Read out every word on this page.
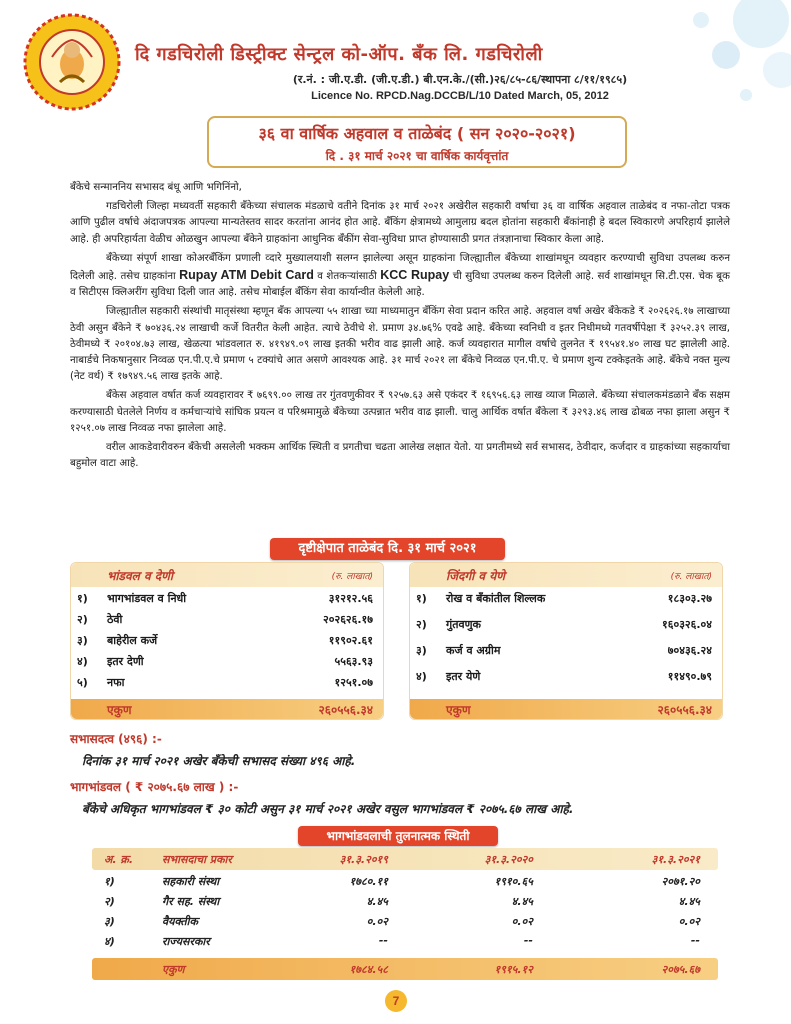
दि गडचिरोली डिस्ट्रीक्ट सेन्ट्रल को-ऑप. बँक लि. गडचिरोली
(र.नं. : जी.ए.डी. (जी.ए.डी.) बी.एन.के./(सी.)२६/८५-८६/स्थापना ८/११/१९८५)
Licence No. RPCD.Nag.DCCB/L/10 Dated March, 05, 2012
३६ वा वार्षिक अहवाल व ताळेबंद ( सन २०२०-२०२१)
दि . ३१ मार्च २०२१ चा वार्षिक कार्यवृत्तांत

बँकेचे सन्माननिय सभासद बंधू आणि भगिनिंनो,

गडचिरोली जिल्हा मध्यवर्ती सहकारी बँकेच्या संचालक मंडळाचे वतीने दिनांक ३१ मार्च २०२१ अखेरील सहकारी वर्षाचा ३६ वा वार्षिक अहवाल ताळेबंद व नफा-तोटा पत्रक आणि पुढील वर्षाचे अंदाजपत्रक आपल्या मान्यतेस्तव सादर करतांना आनंद होत आहे. बँकिंग क्षेत्रामध्ये आमुलाग्र बदल होतांना सहकारी बँकांनाही हे बदल स्विकारणे अपरिहार्य झालेले आहे. ही अपरिहार्यता वेळीच ओळखुन आपल्या बँकेने ग्राहकांना आधुनिक बँकींग सेवा-सुविधा प्राप्त होण्यासाठी प्रगत तंत्रज्ञानाचा स्विकार केला आहे.

बँकेच्या संपूर्ण शाखा कोअरबँकिंग प्रणाली व्दारे मुख्यालयाशी सलग्न झालेल्या असून ग्राहकांना जिल्ह्यातील बँकेच्या शाखांमधून व्यवहार करण्याची सुविधा उपलब्ध करुन दिलेली आहे. तसेच ग्राहकांना Rupay ATM Debit Card व शेतकऱ्यांसाठी KCC Rupay ची सुविधा उपलब्ध करुन दिलेली आहे. सर्व शाखांमधून सि.टी.एस. चेक बूक व सिटीएस क्लिअरींग सुविधा दिली जात आहे. तसेच मोबाईल बँकिंग सेवा कार्यान्वीत केलेली आहे.

जिल्ह्यातील सहकारी संस्थांची मातृसंस्था म्हणून बँक आपल्या ५५ शाखा च्या माध्यमातुन बँकिंग सेवा प्रदान करित आहे. अहवाल वर्षा अखेर बँकेकडे ₹ २०२६२६.१७ लाखाच्या ठेवी असुन बँकेने ₹ ७०४३६.२४ लाखाची कर्जे वितरीत केली आहेत. त्याचे ठेवीचे शे. प्रमाण ३४.७६% एवढे आहे. बँकेच्या स्वनिधी व इतर निधीमध्ये गतवर्षीपेक्षा ₹ ३२५२.३९ लाख, ठेवीमध्ये ₹ २०१०४.७३ लाख, खेळत्या भांडवलात रु. ४१९४९.०९ लाख इतकी भरीव वाढ झाली आहे. कर्ज व्यवहारात मागील वर्षाचे तुलनेत ₹ १९५४१.४० लाख घट झालेली आहे. नाबार्डचे निकषानुसार निव्वळ एन.पी.ए.चे प्रमाण ५ टक्यांचे आत असणे आवश्यक आहे. ३१ मार्च २०२१ ला बँकेचे निव्वळ एन.पी.ए. चे प्रमाण शुन्य टक्केइतके आहे. बँकेचे नक्त मुल्य (नेट वर्थ) ₹ १७९४९.५६ लाख इतके आहे.

बँकेस अहवाल वर्षात कर्ज व्यवहारावर ₹ ७६९९.०० लाख तर गुंतवणुकीवर ₹ ९२५७.६३ असे एकंदर ₹ १६९५६.६३ लाख व्याज मिळाले. बँकेच्या संचालकमंडळाने बँक सक्षम करण्यासाठी घेतलेले निर्णय व कर्मचाऱ्यांचे सांघिक प्रयत्न व परिश्रमामुळे बँकेच्या उत्पन्नात भरीव वाढ झाली. चालु आर्थिक वर्षात बँकेला ₹ ३२९३.४६ लाख ढोबळ नफा झाला असुन ₹ १२५१.०७ लाख निव्वळ नफा झालेला आहे.

वरील आकडेवारीवरुन बँकेची असलेली भक्कम आर्थिक स्थिती व प्रगतीचा चढता आलेख लक्षात येतो. या प्रगतीमध्ये सर्व सभासद, ठेवीदार, कर्जदार व ग्राहकांच्या सहकार्याचा बहुमोल वाटा आहे.

दृष्टीक्षेपात ताळेबंद दि. ३१ मार्च २०२१
भांडवल व देणी	(रु. लाखात)
१) भागभांडवल व निधी	३१२१२.५६
२) ठेवी	२०२६२६.१७
३) बाहेरील कर्जे	११९०२.६१
४) इतर देणी	५५६३.९३
५) नफा	१२५१.०७
एकुण	२६०५५६.३४
जिंदगी व येणे	(रु. लाखात)
१) रोख व बँकांतील शिल्लक	१८३०३.२७
२) गुंतवणुक	१६०३२६.०४
३) कर्ज व अग्रीम	७०४३६.२४
४) इतर येणे	११४९०.७९
एकुण	२६०५५६.३४
सभासदत्व (४९६) :-
दिनांक ३१ मार्च २०२१ अखेर बँकेची सभासद संख्या ४९६ आहे.
भागभांडवल ( ₹ २०७५.६७ लाख ) :-
बँकेचे अधिकृत भागभांडवल ₹ ३० कोटी असुन ३१ मार्च २०२१ अखेर वसुल भागभांडवल ₹ २०७५.६७ लाख आहे.
भागभांडवलाची तुलनात्मक स्थिती
अ. क्र.	सभासदाचा प्रकार	३१.३.२०१९	३१.३.२०२०	३१.३.२०२१
१)	सहकारी संस्था	१७८०.११	१९१०.६५	२०७१.२०
२)	गैर सह. संस्था	४.४५	४.४५	४.४५
३)	वैयक्तीक	०.०२	०.०२	०.०२
४)	राज्यसरकार	--	--	--
एकुण	१७८४.५८	१९१५.१२	२०७५.६७
7
